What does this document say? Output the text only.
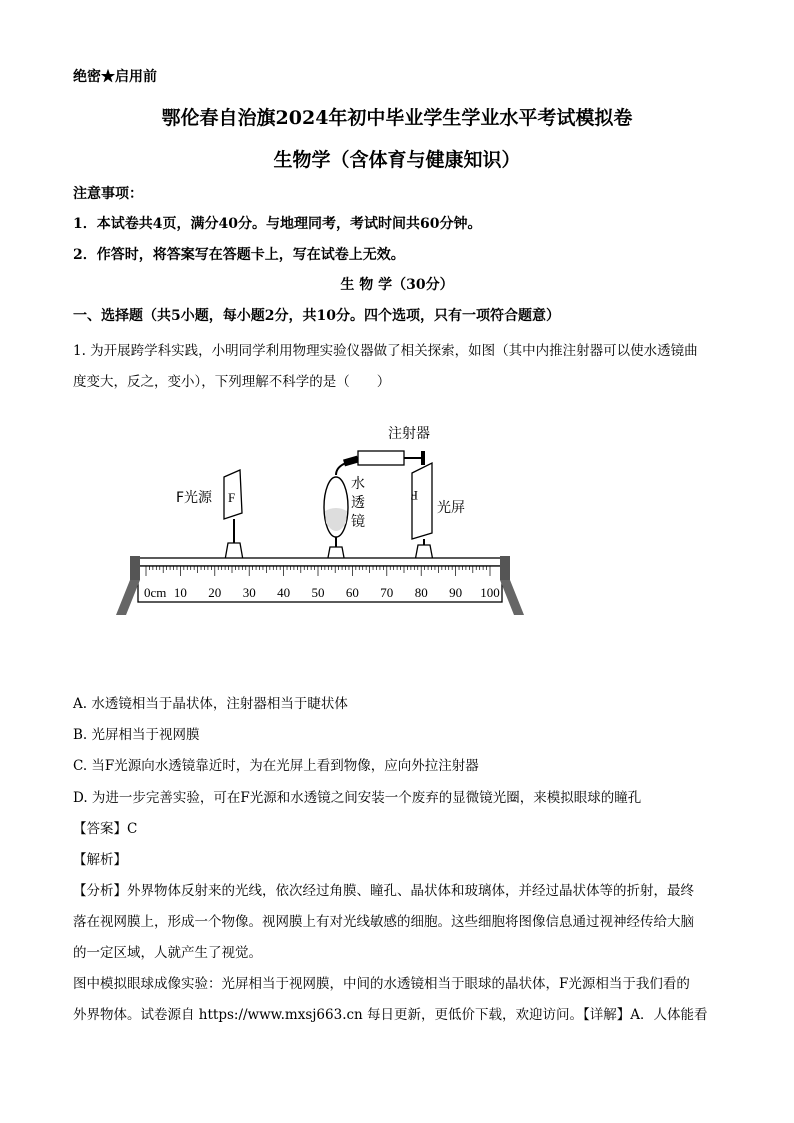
绝密★启用前
鄂伦春自治旗2024年初中毕业学生学业水平考试模拟卷
生物学（含体育与健康知识）
注意事项：
1．本试卷共4页，满分40分。与地理同考，考试时间共60分钟。
2．作答时，将答案写在答题卡上，写在试卷上无效。
生 物 学（30分）
一、选择题（共5小题，每小题2分，共10分。四个选项，只有一项符合题意）
1. 为开展跨学科实践，小明同学利用物理实验仪器做了相关探索，如图（其中内推注射器可以使水透镜曲
度变大，反之，变小），下列理解不科学的是（　　）
注射器
F
F光源
水
透
镜
F
光屏
0cm 10 20 30 40 50 60 70 80 90 100
A. 水透镜相当于晶状体，注射器相当于睫状体
B. 光屏相当于视网膜
C. 当F光源向水透镜靠近时，为在光屏上看到物像，应向外拉注射器
D. 为进一步完善实验，可在F光源和水透镜之间安装一个废弃的显微镜光圈，来模拟眼球的瞳孔
【答案】C
【解析】
【分析】外界物体反射来的光线，依次经过角膜、瞳孔、晶状体和玻璃体，并经过晶状体等的折射，最终
落在视网膜上，形成一个物像。视网膜上有对光线敏感的细胞。这些细胞将图像信息通过视神经传给大脑
的一定区域，人就产生了视觉。
图中模拟眼球成像实验：光屏相当于视网膜，中间的水透镜相当于眼球的晶状体，F光源相当于我们看的
外界物体。试卷源自 https://www.mxsj663.cn 每日更新，更低价下载，欢迎访问。【详解】A．人体能看
